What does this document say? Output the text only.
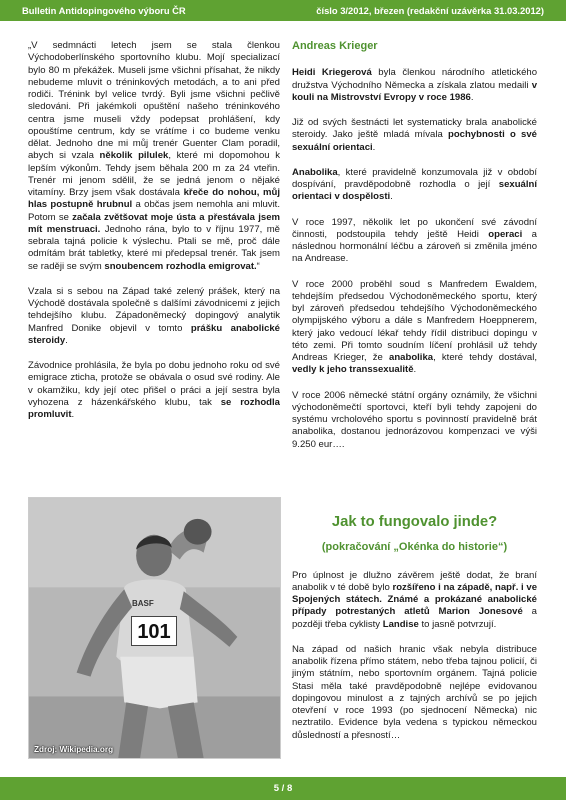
Bulletin Antidopingového výboru ČR	číslo 3/2012, březen (redakční uzávěrka 31.03.2012)
„V sedmnácti letech jsem se stala členkou Východoberlínského sportovního klubu. Mojí specializací bylo 80 m překážek. Museli jsme všichni přísahat, že nikdy nebudeme mluvit o tréninkových metodách, a to ani před rodiči. Trénink byl velice tvrdý. Byli jsme všichni pečlivě sledováni. Při jakémkoli opuštění našeho tréninkového centra jsme museli vždy podepsat prohlášení, kdy opouštíme centrum, kdy se vrátíme i co budeme venku dělat. Jednoho dne mi můj trenér Guenter Clam poradil, abych si vzala několik pilulek, které mi dopomohou k lepším výkonům. Tehdy jsem běhala 200 m za 24 vteřin. Trenér mi jenom sdělil, že se jedná jenom o nějaké vitamíny. Brzy jsem však dostávala křeče do nohou, můj hlas postupně hrubnul a občas jsem nemohla ani mluvit. Potom se začala zvětšovat moje ústa a přestávala jsem mít menstruaci. Jednoho rána, bylo to v říjnu 1977, mě sebrala tajná policie k výslechu. Ptali se mě, proč dále odmítám brát tabletky, které mi předepsal trenér. Tak jsem se raději se svým snoubencem rozhodla emigrovat.“
Vzala si s sebou na Západ také zelený prášek, který na Východě dostávala společně s dalšími závodnicemi z jejich tehdejšího klubu. Západoněmecký dopingový analytik Manfred Donike objevil v tomto prášku anabolické steroidy.
Závodnice prohlásila, že byla po dobu jednoho roku od své emigrace zticha, protože se obávala o osud své rodiny. Ale v okamžiku, kdy její otec přišel o práci a její sestra byla vyhozena z házenkářského klubu, tak se rozhodla promluvit.
Andreas Krieger
Heidi Kriegerová byla členkou národního atletického družstva Východního Německa a získala zlatou medaili v kouli na Mistrovství Evropy v roce 1986.
Již od svých šestnácti let systematicky brala anabolické steroidy. Jako ještě mladá mívala pochybnosti o své sexuální orientaci.
Anabolika, které pravidelně konzumovala již v období dospívání, pravděpodobně rozhodla o její sexuální orientaci v dospělosti.
V roce 1997, několik let po ukončení své závodní činnosti, podstoupila tehdy ještě Heidi operaci a následnou hormonální léčbu a zároveň si změnila jméno na Andrease.
V roce 2000 proběhl soud s Manfredem Ewaldem, tehdejším předsedou Východoněmeckého sportu, který byl zároveň předsedou tehdejšího Východoněmeckého olympijského výboru a dále s Manfredem Hoeppnerem, který jako vedoucí lékař tehdy řídil distribuci dopingu v této zemi. Při tomto soudním líčení prohlásil už tehdy Andreas Krieger, že anabolika, které tehdy dostával, vedly k jeho transsexualitě.
V roce 2006 německé státní orgány oznámily, že všichni východoněmečtí sportovci, kteří byli tehdy zapojeni do systému vrcholového sportu s povinností pravidelně brát anabolika, dostanou jednorázovou kompenzaci ve výši 9.250 eur….
Jak to fungovalo jinde?
(pokračování „Okénka do historie“)
Pro úplnost je dlužno závěrem ještě dodat, že braní anabolik v té době bylo rozšířeno i na západě, např. i ve Spojených státech. Známé a prokázané anabolické případy potrestaných atletů Marion Jonesové a později třeba cyklisty Landise to jasně potvrzují.
Na západ od našich hranic však nebyla distribuce anabolik řízena přímo státem, nebo třeba tajnou policií, či jiným státním, nebo sportovním orgánem. Tajná policie Stasi měla také pravděpodobně nejlépe evidovanou dopingovou minulost a z tajných archívů se po jejich otevření v roce 1993 (po sjednocení Německa) nic neztratilo. Evidence byla vedena s typickou německou důsledností a přesností…
BASF
101
Zdroj: Wikipedia.org
5 / 8
